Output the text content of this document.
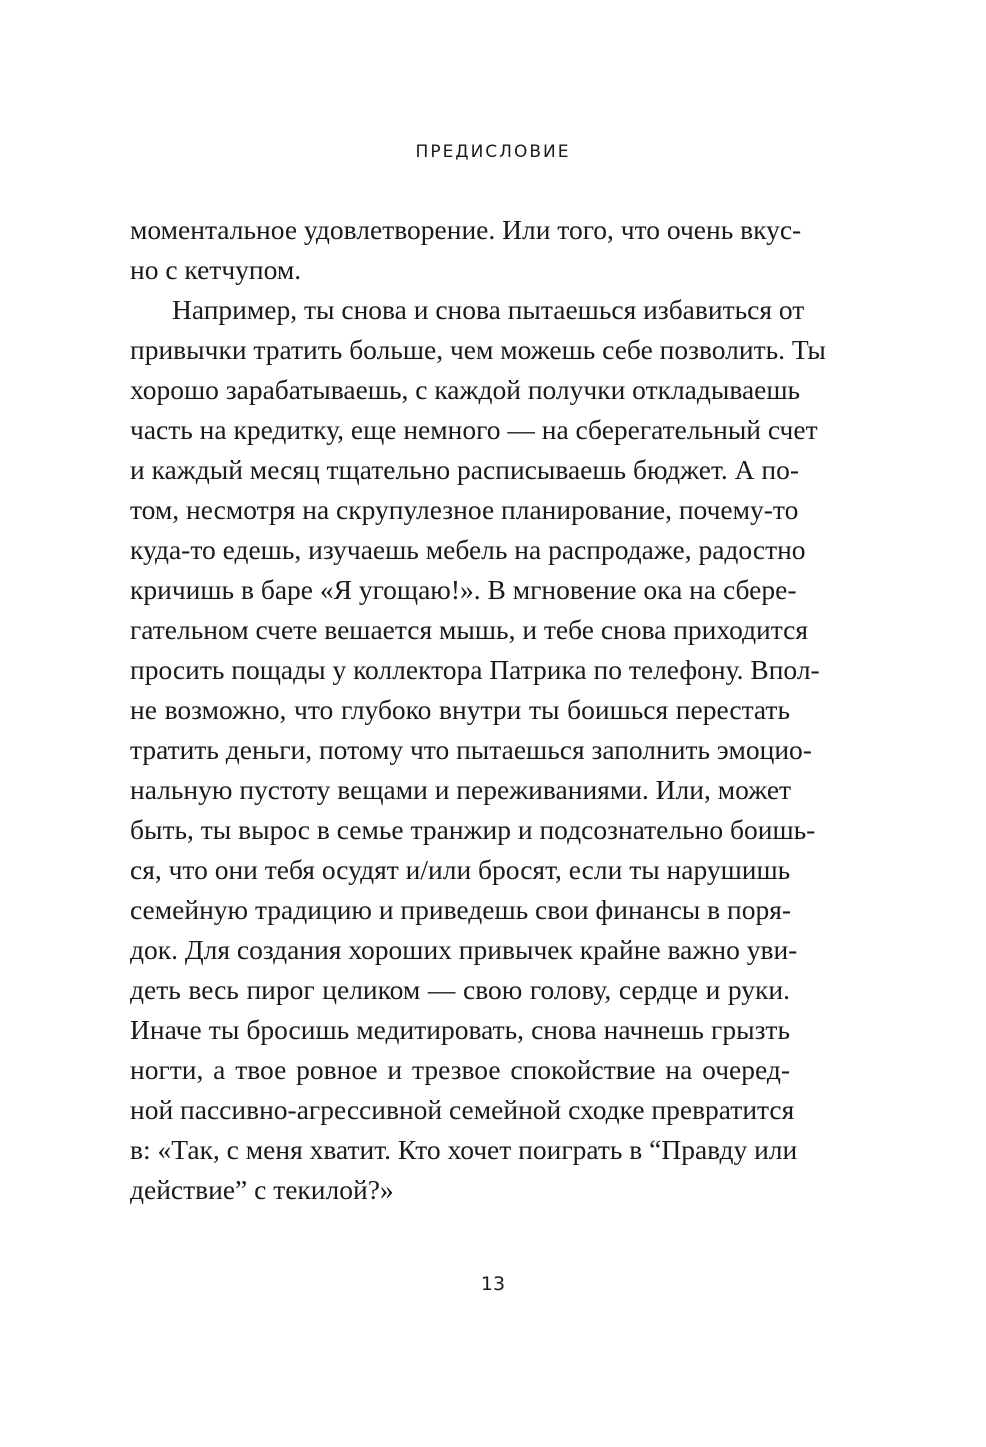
ПРЕДИСЛОВИЕ
моментальное удовлетворение. Или того, что очень вкус-
но с кетчупом.
Например, ты снова и снова пытаешься избавиться от
привычки тратить больше, чем можешь себе позволить. Ты
хорошо зарабатываешь, с каждой получки откладываешь
часть на кредитку, еще немного — на сберегательный счет
и каждый месяц тщательно расписываешь бюджет. А по-
том, несмотря на скрупулезное планирование, почему-то
куда-то едешь, изучаешь мебель на распродаже, радостно
кричишь в баре «Я угощаю!». В мгновение ока на сбере-
гательном счете вешается мышь, и тебе снова приходится
просить пощады у коллектора Патрика по телефону. Впол-
не возможно, что глубоко внутри ты боишься перестать
тратить деньги, потому что пытаешься заполнить эмоцио-
нальную пустоту вещами и переживаниями. Или, может
быть, ты вырос в семье транжир и подсознательно боишь-
ся, что они тебя осудят и/или бросят, если ты нарушишь
семейную традицию и приведешь свои финансы в поря-
док. Для создания хороших привычек крайне важно уви-
деть весь пирог целиком — свою голову, сердце и руки.
Иначе ты бросишь медитировать, снова начнешь грызть
ногти, а твое ровное и трезвое спокойствие на очеред-
ной пассивно-агрессивной семейной сходке превратится
в: «Так, с меня хватит. Кто хочет поиграть в “Правду или
действие” с текилой?»
13
